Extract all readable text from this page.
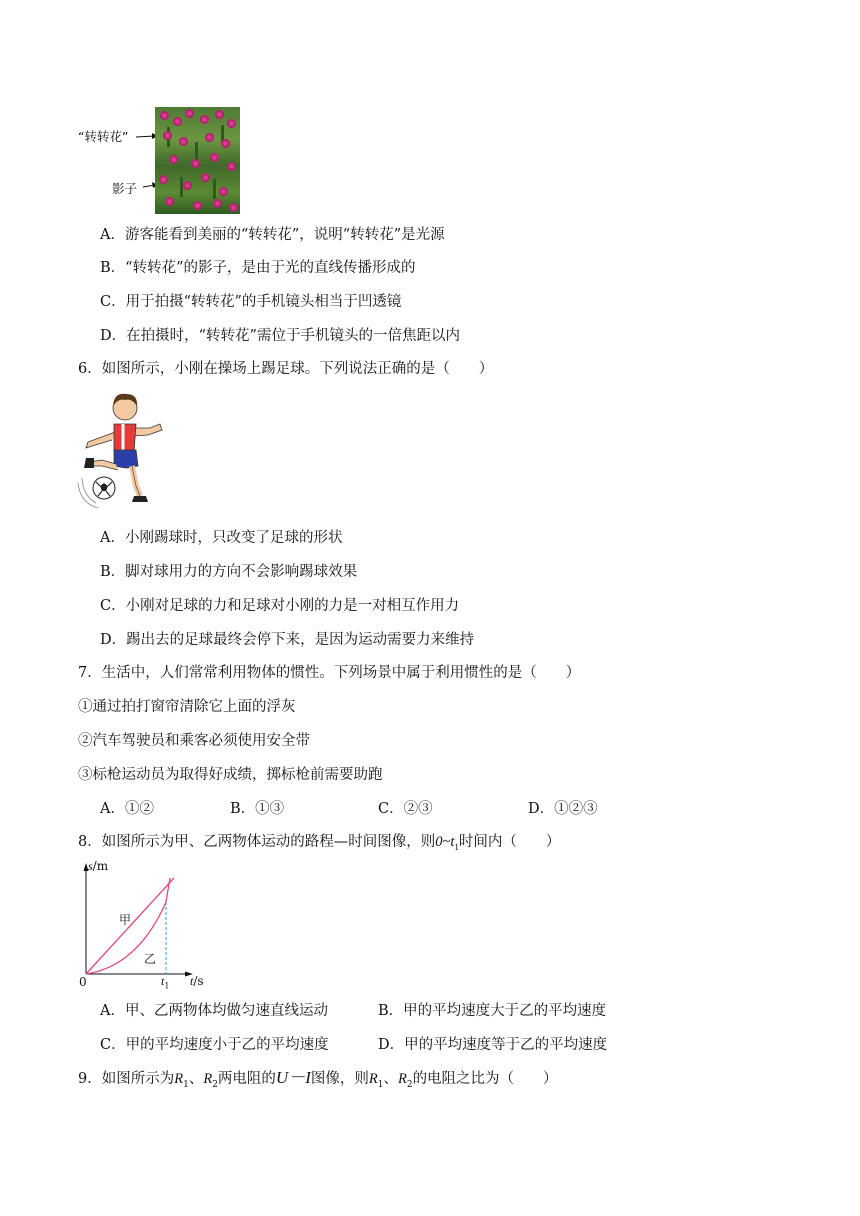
“转转花”
影子
A．游客能看到美丽的“转转花”，说明“转转花”是光源
B．“转转花”的影子，是由于光的直线传播形成的
C．用于拍摄“转转花”的手机镜头相当于凹透镜
D．在拍摄时，“转转花”需位于手机镜头的一倍焦距以内
6．如图所示，小刚在操场上踢足球。下列说法正确的是（　　）
A．小刚踢球时，只改变了足球的形状
B．脚对球用力的方向不会影响踢球效果
C．小刚对足球的力和足球对小刚的力是一对相互作用力
D．踢出去的足球最终会停下来，是因为运动需要力来维持
7．生活中，人们常常利用物体的惯性。下列场景中属于利用惯性的是（　　）
①通过拍打窗帘清除它上面的浮灰
②汽车驾驶员和乘客必须使用安全带
③标枪运动员为取得好成绩，掷标枪前需要助跑
A．①②	B．①③	C．②③	D．①②③
8．如图所示为甲、乙两物体运动的路程—时间图像，则$0\sim t_1$时间内（　　）
s/m
t/s
0	$t_1$
甲
乙
A．甲、乙两物体均做匀速直线运动	B．甲的平均速度大于乙的平均速度
C．甲的平均速度小于乙的平均速度	D．甲的平均速度等于乙的平均速度
9．如图所示为$R_1$、$R_2$两电阻的U－I图像，则$R_1$、$R_2$的电阻之比为（　　）
